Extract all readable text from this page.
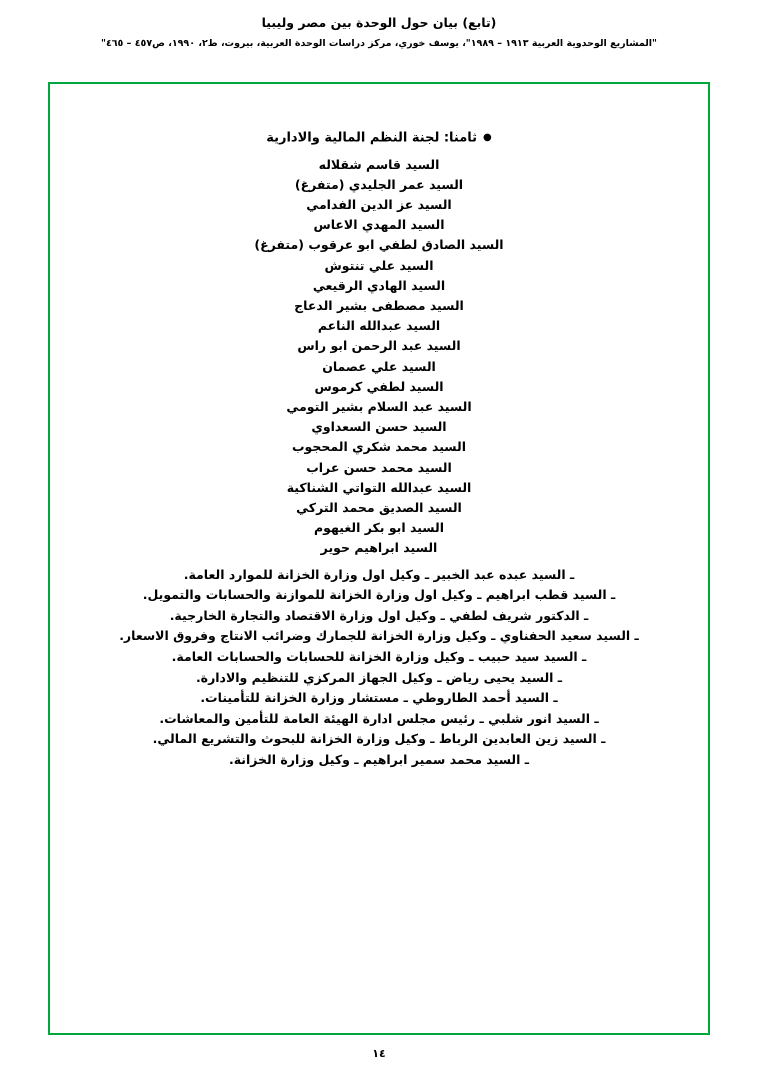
(تابع) بيان حول الوحدة بين مصر وليبيا
"المشاريع الوحدوية العربية ١٩١٣ – ١٩٨٩"، يوسف خوري، مركز دراسات الوحدة العربية، بيروت، ط٢، ١٩٩٠، ص٤٥٧ – ٤٦٥"
●ثامنا: لجنة النظم المالية والادارية
السيد قاسم شقلاله
السيد عمر الجليدي (متفرغ)
السيد عز الدين الفدامي
السيد المهدي الاعاس
السيد الصادق لطفي ابو عرقوب (متفرغ)
السيد علي تنتوش
السيد الهادي الرقيعي
السيد مصطفى بشير الدعاج
السيد عبدالله الناعم
السيد عبد الرحمن ابو راس
السيد علي عصمان
السيد لطفي كرموس
السيد عبد السلام بشير التومي
السيد حسن السعداوي
السيد محمد شكري المحجوب
السيد محمد حسن عراب
السيد عبدالله التواتي الشناكية
السيد الصديق محمد التركي
السيد ابو بكر الغيهوم
السيد ابراهيم حوير
ـ السيد عبده عبد الخبير ـ وكيل اول وزارة الخزانة للموارد العامة.
ـ السيد قطب ابراهيم ـ وكيل اول وزارة الخزانة للموازنة والحسابات والتمويل.
ـ الدكتور شريف لطفي ـ وكيل اول وزارة الاقتصاد والتجارة الخارجية.
ـ السيد سعيد الحفناوي ـ وكيل وزارة الخزانة للجمارك وضرائب الانتاج وفروق الاسعار.
ـ السيد سيد حبيب ـ وكيل وزارة الخزانة للحسابات والحسابات العامة.
ـ السيد يحيى رياض ـ وكيل الجهاز المركزي للتنظيم والادارة.
ـ السيد أحمد الطاروطي ـ مستشار وزارة الخزانة للتأمينات.
ـ السيد انور شلبي ـ رئيس مجلس ادارة الهيئة العامة للتأمين والمعاشات.
ـ السيد زين العابدين الرباط ـ وكيل وزارة الخزانة للبحوث والتشريع المالي.
ـ السيد محمد سمير ابراهيم ـ وكيل وزارة الخزانة.
١٤
